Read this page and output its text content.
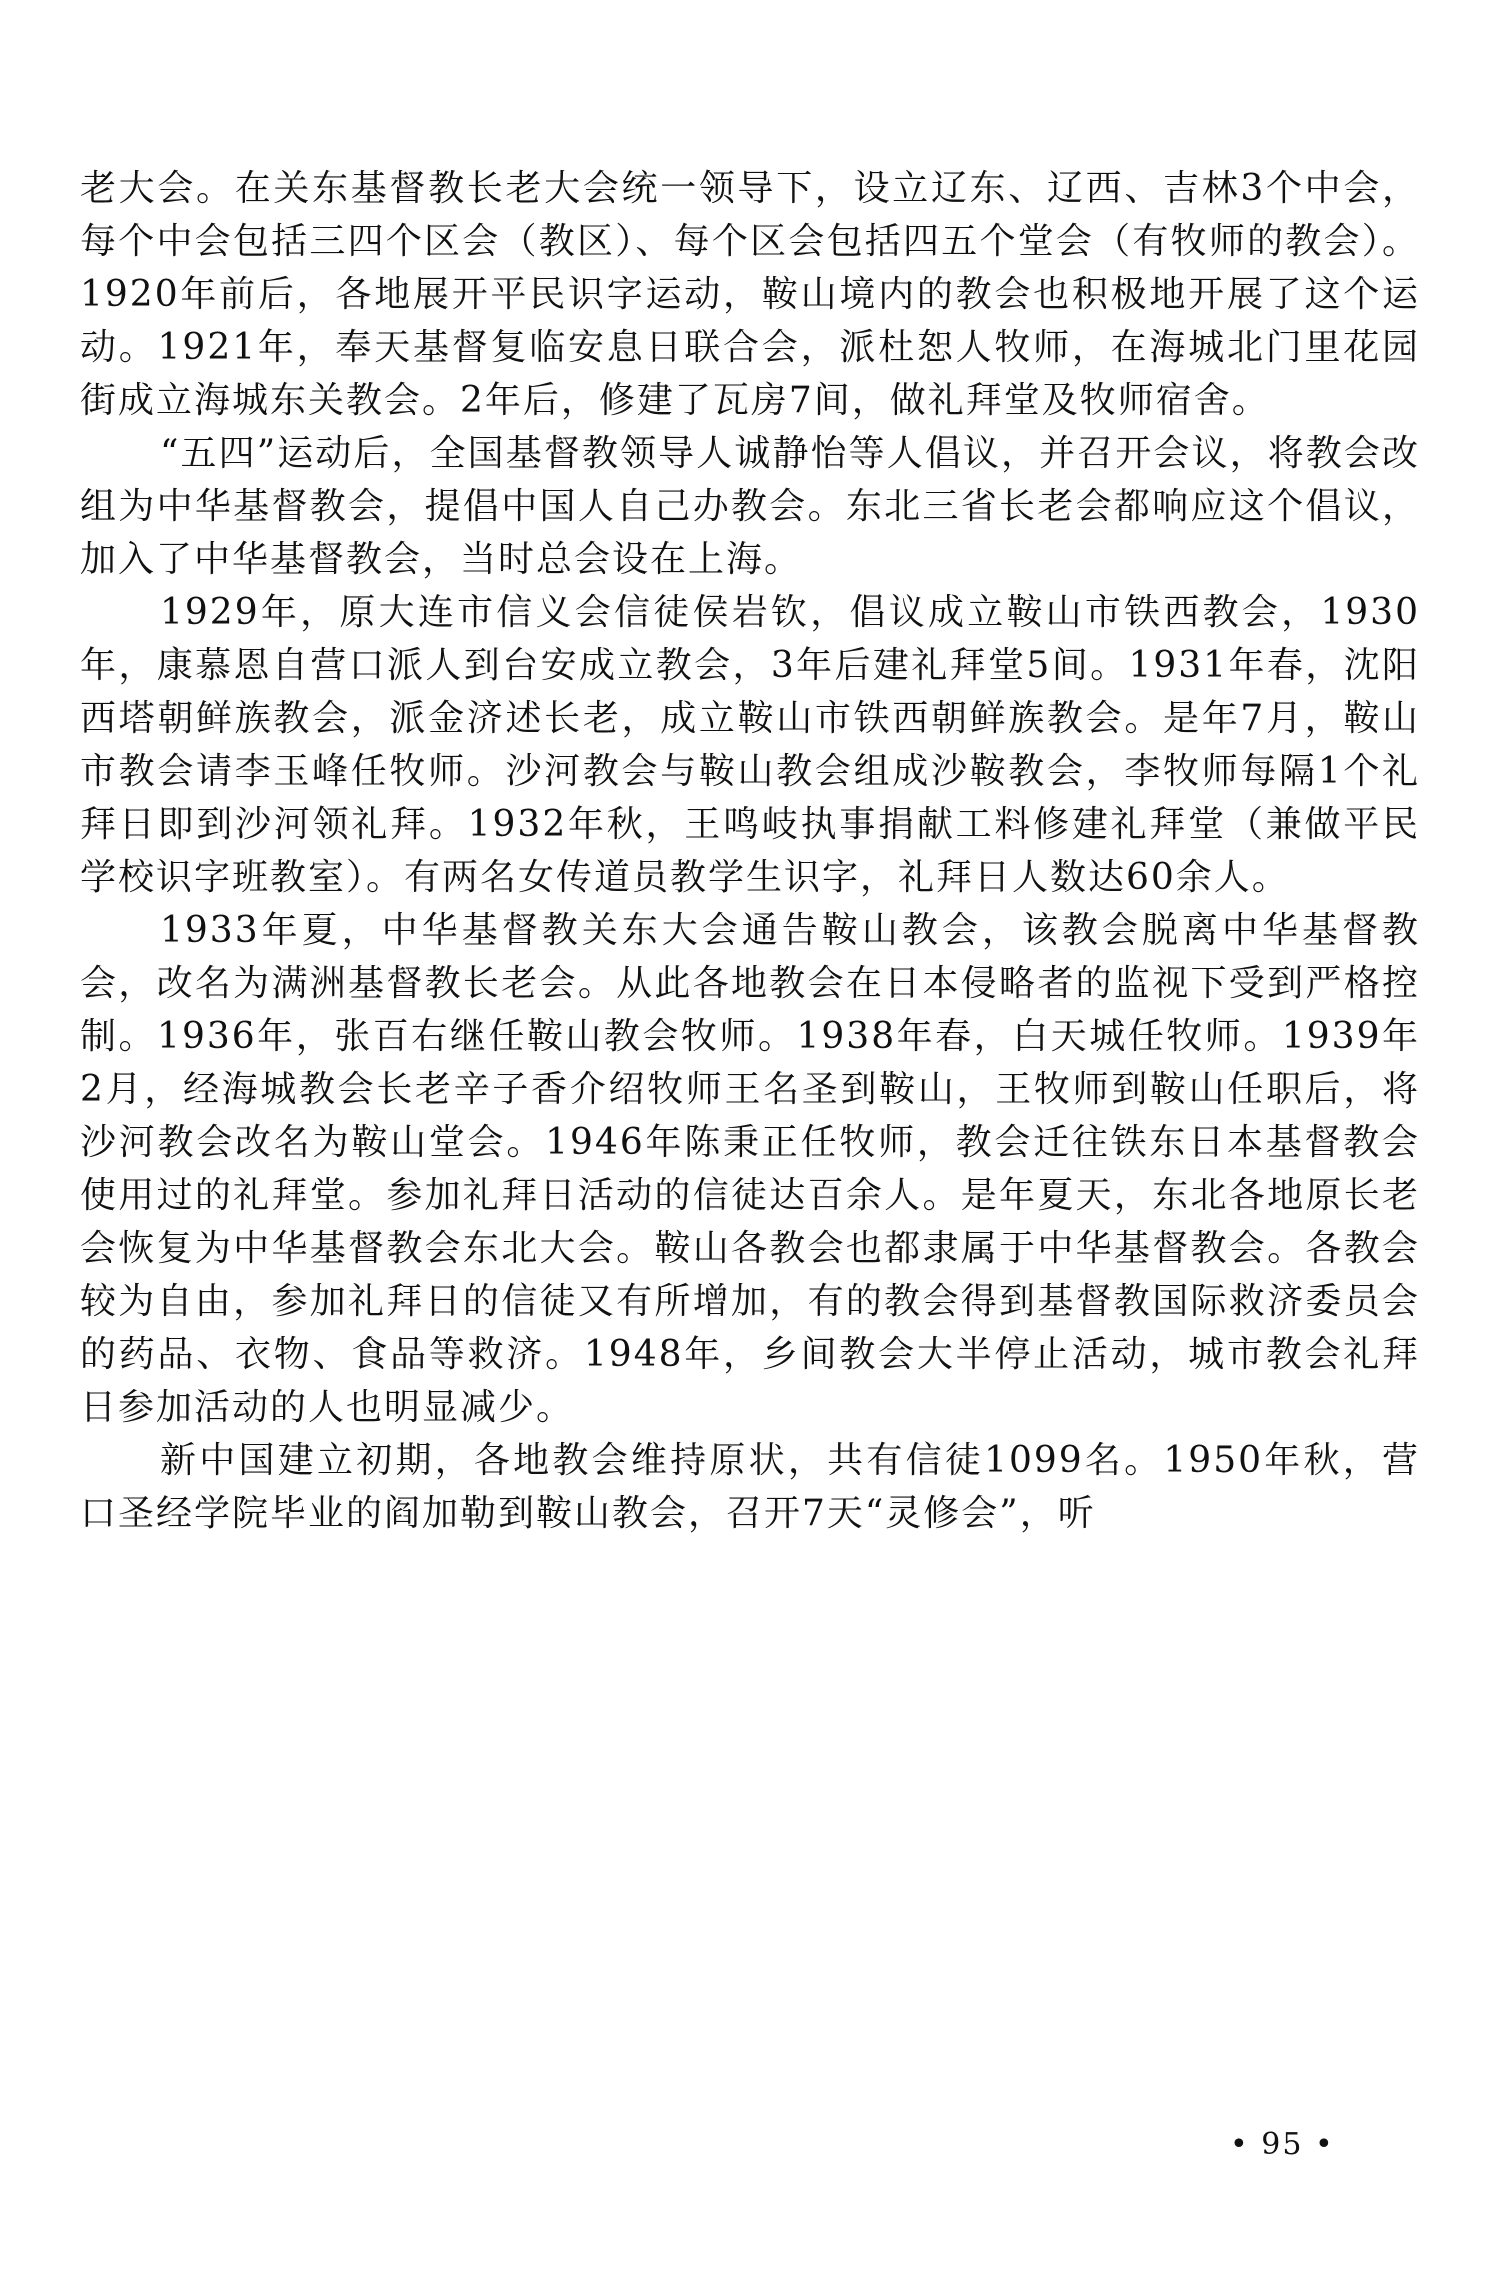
老大会。在关东基督教长老大会统一领导下，设立辽东、辽西、吉林3个中会，每个中会包括三四个区会（教区）、每个区会包括四五个堂会（有牧师的教会）。1920年前后，各地展开平民识字运动，鞍山境内的教会也积极地开展了这个运动。1921年，奉天基督复临安息日联合会，派杜恕人牧师，在海城北门里花园街成立海城东关教会。2年后，修建了瓦房7间，做礼拜堂及牧师宿舍。

“五四”运动后，全国基督教领导人诚静怡等人倡议，并召开会议，将教会改组为中华基督教会，提倡中国人自己办教会。东北三省长老会都响应这个倡议，加入了中华基督教会，当时总会设在上海。

1929年，原大连市信义会信徒侯岩钦，倡议成立鞍山市铁西教会，1930年，康慕恩自营口派人到台安成立教会，3年后建礼拜堂5间。1931年春，沈阳西塔朝鲜族教会，派金济述长老，成立鞍山市铁西朝鲜族教会。是年7月，鞍山市教会请李玉峰任牧师。沙河教会与鞍山教会组成沙鞍教会，李牧师每隔1个礼拜日即到沙河领礼拜。1932年秋，王鸣岐执事捐献工料修建礼拜堂（兼做平民学校识字班教室）。有两名女传道员教学生识字，礼拜日人数达60余人。

1933年夏，中华基督教关东大会通告鞍山教会，该教会脱离中华基督教会，改名为满洲基督教长老会。从此各地教会在日本侵略者的监视下受到严格控制。1936年，张百右继任鞍山教会牧师。1938年春，白天城任牧师。1939年2月，经海城教会长老辛子香介绍牧师王名圣到鞍山，王牧师到鞍山任职后，将沙河教会改名为鞍山堂会。1946年陈秉正任牧师，教会迁往铁东日本基督教会使用过的礼拜堂。参加礼拜日活动的信徒达百余人。是年夏天，东北各地原长老会恢复为中华基督教会东北大会。鞍山各教会也都隶属于中华基督教会。各教会较为自由，参加礼拜日的信徒又有所增加，有的教会得到基督教国际救济委员会的药品、衣物、食品等救济。1948年，乡间教会大半停止活动，城市教会礼拜日参加活动的人也明显减少。

新中国建立初期，各地教会维持原状，共有信徒1099名。1950年秋，营口圣经学院毕业的阎加勒到鞍山教会，召开7天“灵修会”，听

• 95 •
